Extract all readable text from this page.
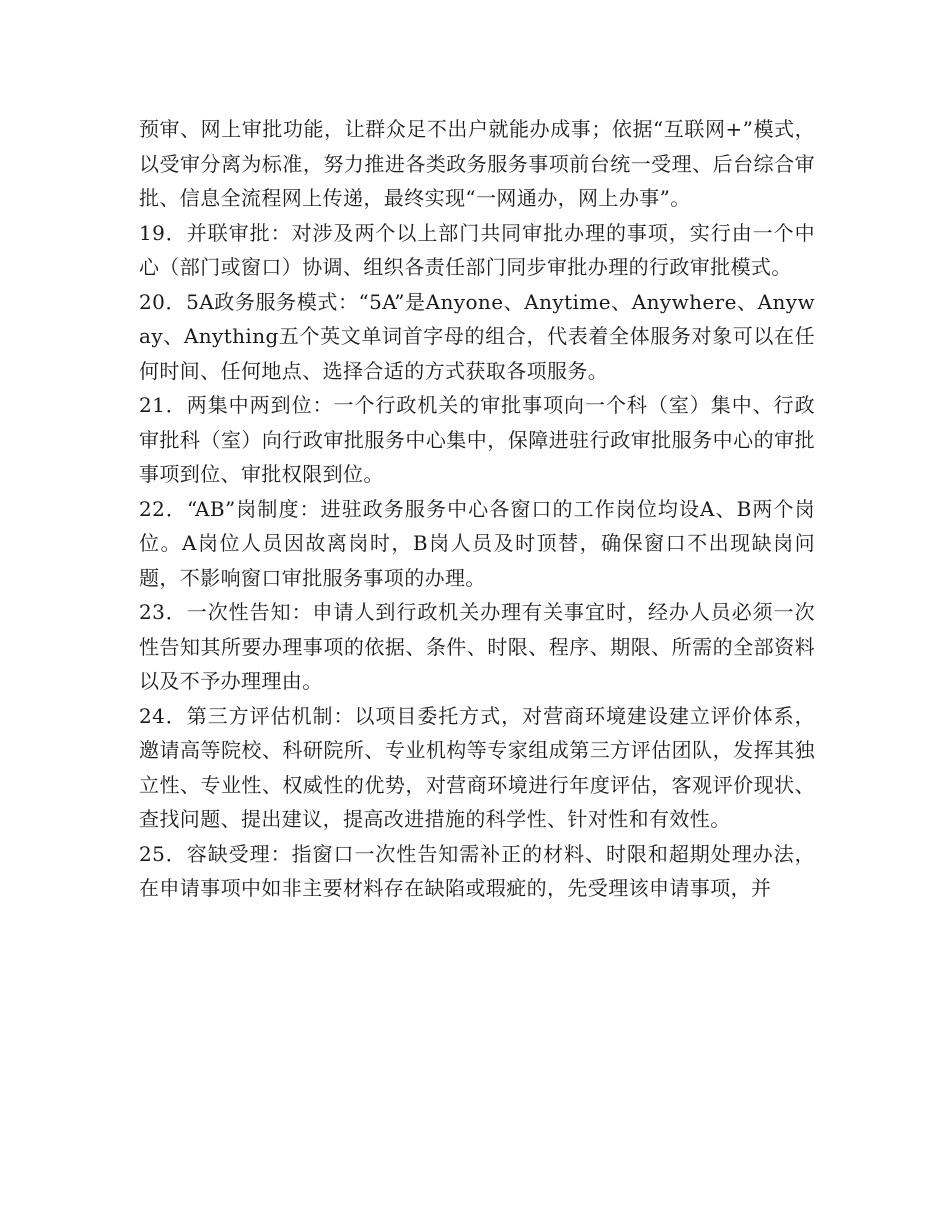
预审、网上审批功能，让群众足不出户就能办成事；依据“互联网+”模式，以受审分离为标准，努力推进各类政务服务事项前台统一受理、后台综合审批、信息全流程网上传递，最终实现“一网通办，网上办事”。

19．并联审批：对涉及两个以上部门共同审批办理的事项，实行由一个中心（部门或窗口）协调、组织各责任部门同步审批办理的行政审批模式。

20．5A政务服务模式：“5A”是Anyone、Anytime、Anywhere、Anyway、Anything五个英文单词首字母的组合，代表着全体服务对象可以在任何时间、任何地点、选择合适的方式获取各项服务。

21．两集中两到位：一个行政机关的审批事项向一个科（室）集中、行政审批科（室）向行政审批服务中心集中，保障进驻行政审批服务中心的审批事项到位、审批权限到位。

22．“AB”岗制度：进驻政务服务中心各窗口的工作岗位均设A、B两个岗位。A岗位人员因故离岗时，B岗人员及时顶替，确保窗口不出现缺岗问题，不影响窗口审批服务事项的办理。

23．一次性告知：申请人到行政机关办理有关事宜时，经办人员必须一次性告知其所要办理事项的依据、条件、时限、程序、期限、所需的全部资料以及不予办理理由。

24．第三方评估机制：以项目委托方式，对营商环境建设建立评价体系，邀请高等院校、科研院所、专业机构等专家组成第三方评估团队，发挥其独立性、专业性、权威性的优势，对营商环境进行年度评估，客观评价现状、查找问题、提出建议，提高改进措施的科学性、针对性和有效性。

25．容缺受理：指窗口一次性告知需补正的材料、时限和超期处理办法，在申请事项中如非主要材料存在缺陷或瑕疵的，先受理该申请事项，并
